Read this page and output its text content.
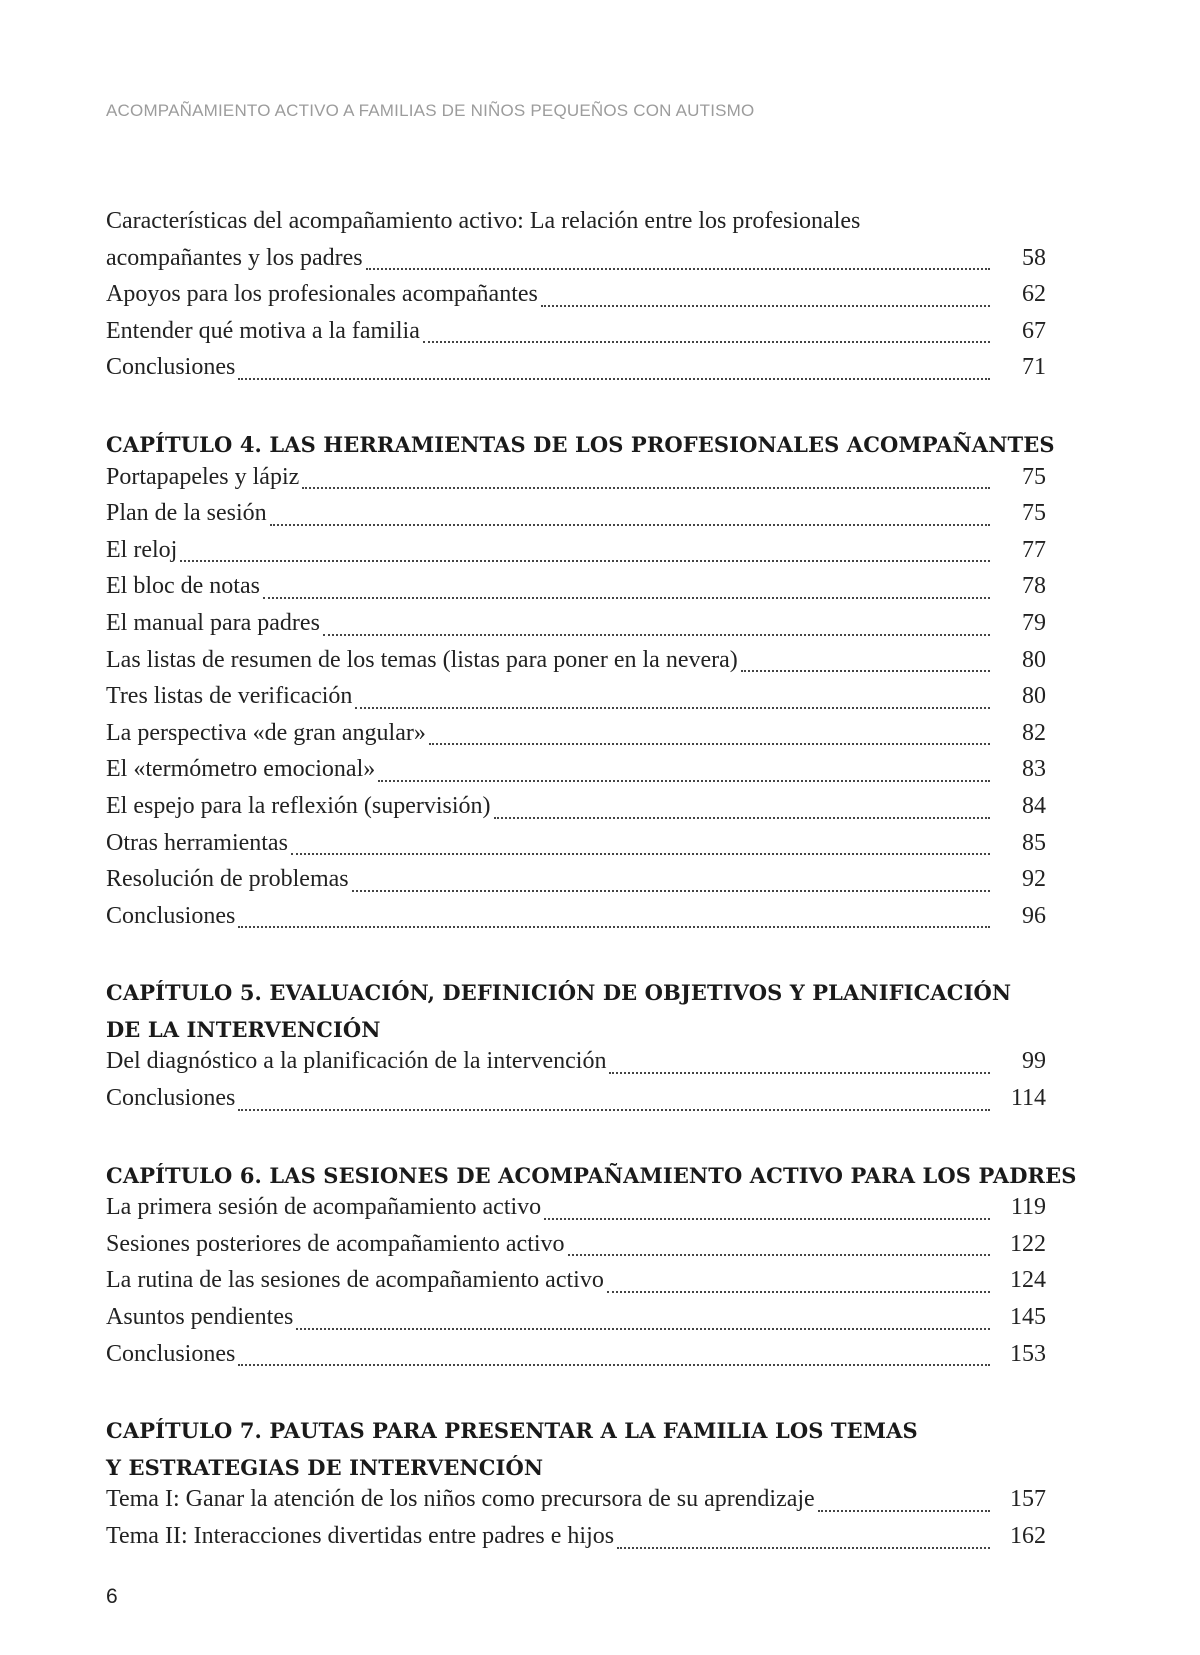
ACOMPAÑAMIENTO ACTIVO A FAMILIAS DE NIÑOS PEQUEÑOS CON AUTISMO
Características del acompañamiento activo: La relación entre los profesionales
acompañantes y los padres	58
Apoyos para los profesionales acompañantes	62
Entender qué motiva a la familia	67
Conclusiones	71
CAPÍTULO 4. LAS HERRAMIENTAS DE LOS PROFESIONALES ACOMPAÑANTES
Portapapeles y lápiz	75
Plan de la sesión	75
El reloj	77
El bloc de notas	78
El manual para padres	79
Las listas de resumen de los temas (listas para poner en la nevera)	80
Tres listas de verificación	80
La perspectiva «de gran angular»	82
El «termómetro emocional»	83
El espejo para la reflexión (supervisión)	84
Otras herramientas	85
Resolución de problemas	92
Conclusiones	96
CAPÍTULO 5. EVALUACIÓN, DEFINICIÓN DE OBJETIVOS Y PLANIFICACIÓN
DE LA INTERVENCIÓN
Del diagnóstico a la planificación de la intervención	99
Conclusiones	114
CAPÍTULO 6. LAS SESIONES DE ACOMPAÑAMIENTO ACTIVO PARA LOS PADRES
La primera sesión de acompañamiento activo	119
Sesiones posteriores de acompañamiento activo	122
La rutina de las sesiones de acompañamiento activo	124
Asuntos pendientes	145
Conclusiones	153
CAPÍTULO 7. PAUTAS PARA PRESENTAR A LA FAMILIA LOS TEMAS
Y ESTRATEGIAS DE INTERVENCIÓN
Tema I: Ganar la atención de los niños como precursora de su aprendizaje	157
Tema II: Interacciones divertidas entre padres e hijos	162
6
